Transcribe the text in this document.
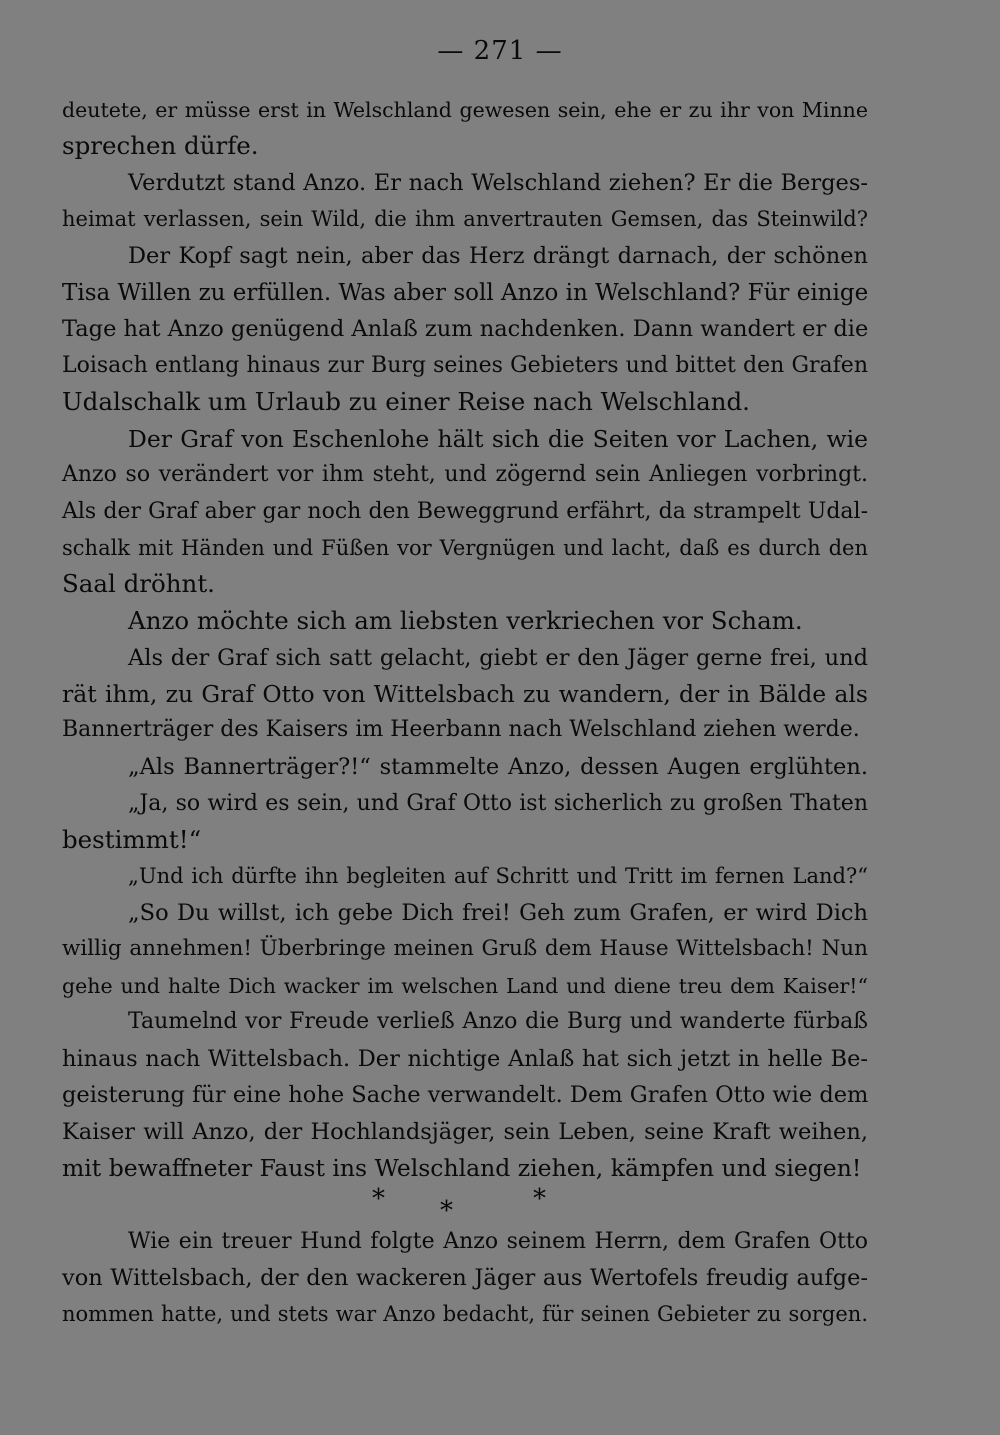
— 271 —
deutete, er müsse erst in Welschland gewesen sein, ehe er zu ihr von Minne
sprechen dürfe.
Verdutzt stand Anzo. Er nach Welschland ziehen? Er die Berges-
heimat verlassen, sein Wild, die ihm anvertrauten Gemsen, das Steinwild?
Der Kopf sagt nein, aber das Herz drängt darnach, der schönen
Tisa Willen zu erfüllen. Was aber soll Anzo in Welschland? Für einige
Tage hat Anzo genügend Anlaß zum nachdenken. Dann wandert er die
Loisach entlang hinaus zur Burg seines Gebieters und bittet den Grafen
Udalschalk um Urlaub zu einer Reise nach Welschland.
Der Graf von Eschenlohe hält sich die Seiten vor Lachen, wie
Anzo so verändert vor ihm steht, und zögernd sein Anliegen vorbringt.
Als der Graf aber gar noch den Beweggrund erfährt, da strampelt Udal-
schalk mit Händen und Füßen vor Vergnügen und lacht, daß es durch den
Saal dröhnt.
Anzo möchte sich am liebsten verkriechen vor Scham.
Als der Graf sich satt gelacht, giebt er den Jäger gerne frei, und
rät ihm, zu Graf Otto von Wittelsbach zu wandern, der in Bälde als
Bannerträger des Kaisers im Heerbann nach Welschland ziehen werde.
„Als Bannerträger?!“ stammelte Anzo, dessen Augen erglühten.
„Ja, so wird es sein, und Graf Otto ist sicherlich zu großen Thaten
bestimmt!“
„Und ich dürfte ihn begleiten auf Schritt und Tritt im fernen Land?“
„So Du willst, ich gebe Dich frei! Geh zum Grafen, er wird Dich
willig annehmen! Überbringe meinen Gruß dem Hause Wittelsbach! Nun
gehe und halte Dich wacker im welschen Land und diene treu dem Kaiser!“
Taumelnd vor Freude verließ Anzo die Burg und wanderte fürbaß
hinaus nach Wittelsbach. Der nichtige Anlaß hat sich jetzt in helle Be-
geisterung für eine hohe Sache verwandelt. Dem Grafen Otto wie dem
Kaiser will Anzo, der Hochlandsjäger, sein Leben, seine Kraft weihen,
mit bewaffneter Faust ins Welschland ziehen, kämpfen und siegen!
* *	*
Wie ein treuer Hund folgte Anzo seinem Herrn, dem Grafen Otto
von Wittelsbach, der den wackeren Jäger aus Wertofels freudig aufge-
nommen hatte, und stets war Anzo bedacht, für seinen Gebieter zu sorgen.
